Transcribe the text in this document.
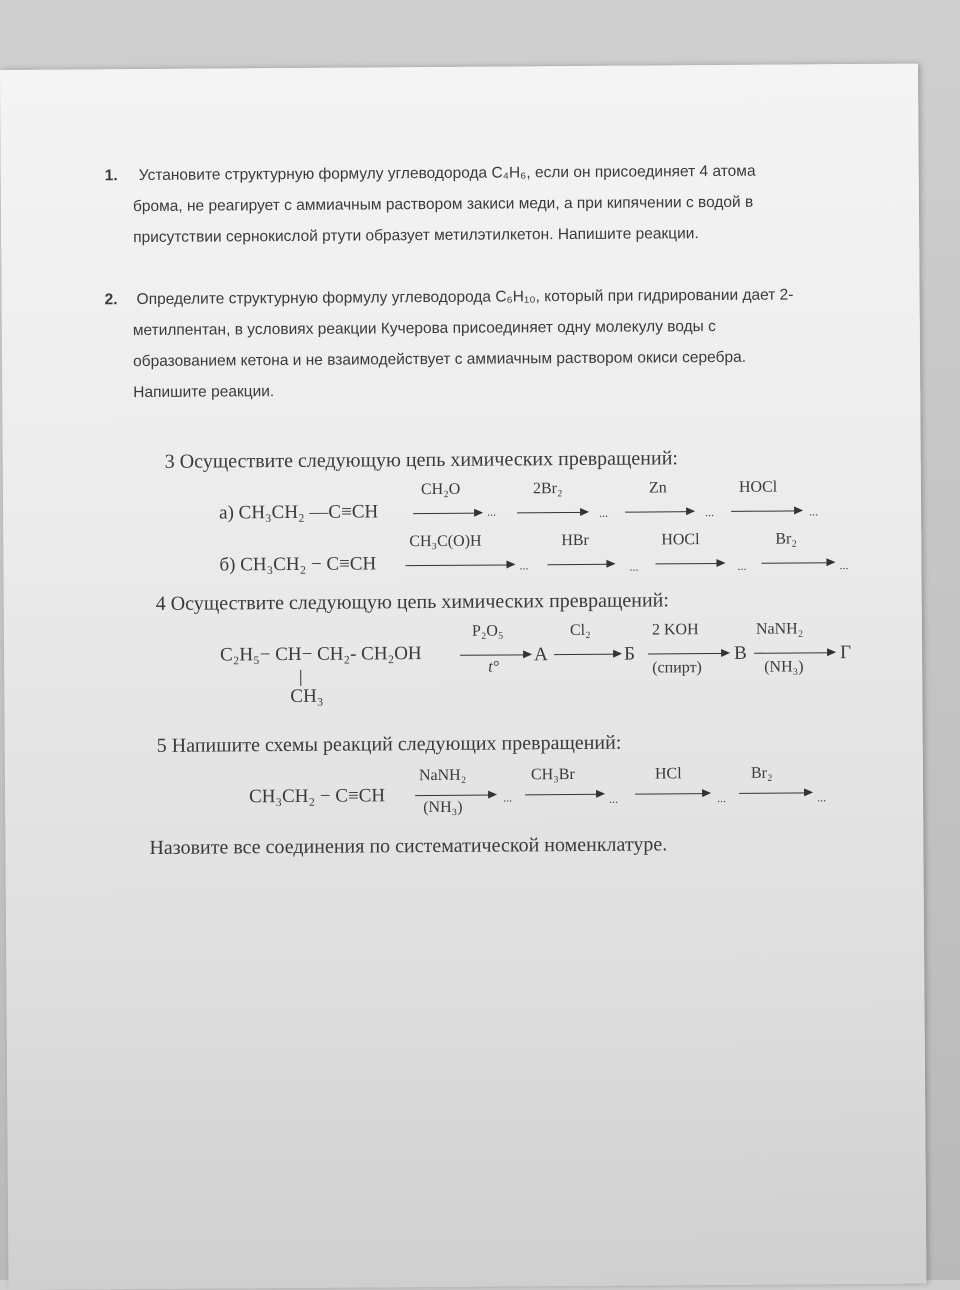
1. Установите структурную формулу углеводорода C₄H₆, если он присоединяет 4 атома
брома, не реагирует с аммиачным раствором закиси меди, а при кипячении с водой в
присутствии сернокислой ртути образует метилэтилкетон. Напишите реакции.
2. Определите структурную формулу углеводорода C₆H₁₀, который при гидрировании дает 2-
метилпентан, в условиях реакции Кучерова присоединяет одну молекулу воды с
образованием кетона и не взаимодействует с аммиачным раствором окиси серебра.
Напишите реакции.
3 Осуществите следующую цепь химических превращений:
а) CH₃CH₂ —C≡CH
CH₂O
...
2Br₂
...
Zn
...
HOCl
...
б) CH₃CH₂ − C≡CH
CH₃C(O)H
...
HBr
...
HOCl
...
Br₂
...
4 Осуществите следующую цепь химических превращений:
C₂H₅− CH− CH₂- CH₂OH
CH₃
P₂O₅
t°
А
Cl₂
Б
2 KOH
(спирт)
В
NaNH₂
(NH₃)
Г
5 Напишите схемы реакций следующих превращений:
CH₃CH₂ − C≡CH
NaNH₂
(NH₃)
...
CH₃Br
...
HCl
...
Br₂
...
Назовите все соединения по систематической номенклатуре.
